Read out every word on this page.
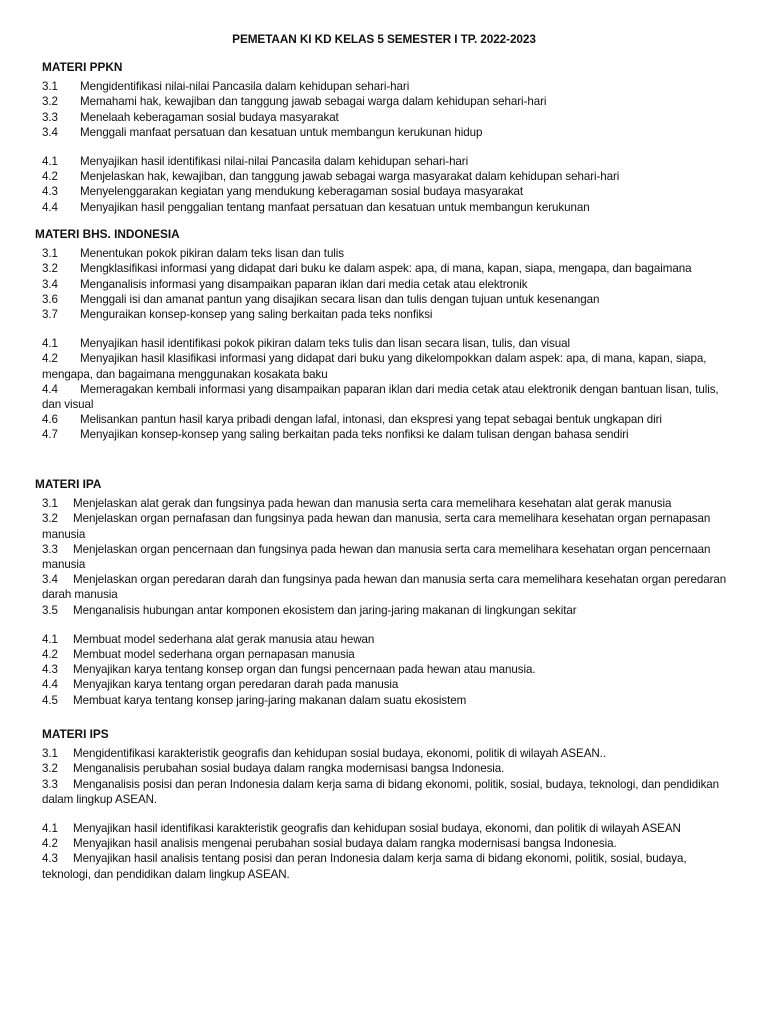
PEMETAAN KI KD KELAS 5 SEMESTER I TP. 2022-2023
MATERI PPKN
3.1	Mengidentifikasi nilai-nilai Pancasila dalam kehidupan sehari-hari
3.2	Memahami hak, kewajiban dan tanggung jawab sebagai warga dalam kehidupan sehari-hari
3.3	Menelaah keberagaman sosial budaya masyarakat
3.4	Menggali manfaat persatuan dan kesatuan untuk membangun kerukunan hidup
4.1	Menyajikan hasil identifikasi nilai-nilai Pancasila dalam kehidupan sehari-hari
4.2	Menjelaskan hak, kewajiban, dan tanggung jawab sebagai warga masyarakat dalam kehidupan sehari-hari
4.3	Menyelenggarakan kegiatan yang mendukung keberagaman sosial budaya masyarakat
4.4	Menyajikan hasil penggalian tentang manfaat persatuan dan kesatuan untuk membangun kerukunan
MATERI BHS. INDONESIA
3.1 Menentukan pokok pikiran dalam teks lisan dan tulis
3.2 Mengklasifikasi informasi yang didapat dari buku ke dalam aspek: apa, di mana, kapan, siapa, mengapa, dan bagaimana
3.4 Menganalisis informasi yang disampaikan paparan iklan dari media cetak atau elektronik
3.6 Menggali isi dan amanat pantun yang disajikan secara lisan dan tulis dengan tujuan untuk kesenangan
3.7 Menguraikan konsep-konsep yang saling berkaitan pada teks nonfiksi
4.1 Menyajikan hasil identifikasi pokok pikiran dalam teks tulis dan lisan secara lisan, tulis, dan visual
4.2 Menyajikan hasil klasifikasi informasi yang didapat dari buku yang dikelompokkan dalam aspek: apa, di mana, kapan, siapa, mengapa, dan bagaimana menggunakan kosakata baku
4.4 Memeragakan kembali informasi yang disampaikan paparan iklan dari media cetak atau elektronik dengan bantuan lisan, tulis, dan visual
4.6 Melisankan pantun hasil karya pribadi dengan lafal, intonasi, dan ekspresi yang tepat sebagai bentuk ungkapan diri
4.7 Menyajikan konsep-konsep yang saling berkaitan pada teks nonfiksi ke dalam tulisan dengan bahasa sendiri
MATERI IPA
3.1 Menjelaskan alat gerak dan fungsinya pada hewan dan manusia serta cara memelihara kesehatan alat gerak manusia
3.2 Menjelaskan organ pernafasan dan fungsinya pada hewan dan manusia, serta cara memelihara kesehatan organ pernapasan manusia
3.3 Menjelaskan organ pencernaan dan fungsinya pada hewan dan manusia serta cara memelihara kesehatan organ pencernaan manusia
3.4 Menjelaskan organ peredaran darah dan fungsinya pada hewan dan manusia serta cara memelihara kesehatan organ peredaran darah manusia
3.5 Menganalisis hubungan antar komponen ekosistem dan jaring-jaring makanan di lingkungan sekitar
4.1 Membuat model sederhana alat gerak manusia atau hewan
4.2 Membuat model sederhana organ pernapasan manusia
4.3 Menyajikan karya tentang konsep organ dan fungsi pencernaan pada hewan atau manusia.
4.4 Menyajikan karya tentang organ peredaran darah pada manusia
4.5 Membuat karya tentang konsep jaring-jaring makanan dalam suatu ekosistem
MATERI IPS
3.1 Mengidentifikasi karakteristik geografis dan kehidupan sosial budaya, ekonomi, politik di wilayah ASEAN..
3.2 Menganalisis perubahan sosial budaya dalam rangka modernisasi bangsa Indonesia.
3.3 Menganalisis posisi dan peran Indonesia dalam kerja sama di bidang ekonomi, politik, sosial, budaya, teknologi, dan pendidikan dalam lingkup ASEAN.
4.1 Menyajikan hasil identifikasi karakteristik geografis dan kehidupan sosial budaya, ekonomi, dan politik di wilayah ASEAN
4.2 Menyajikan hasil analisis mengenai perubahan sosial budaya dalam rangka modernisasi bangsa Indonesia.
4.3 Menyajikan hasil analisis tentang posisi dan peran Indonesia dalam kerja sama di bidang ekonomi, politik, sosial, budaya, teknologi, dan pendidikan dalam lingkup ASEAN.
